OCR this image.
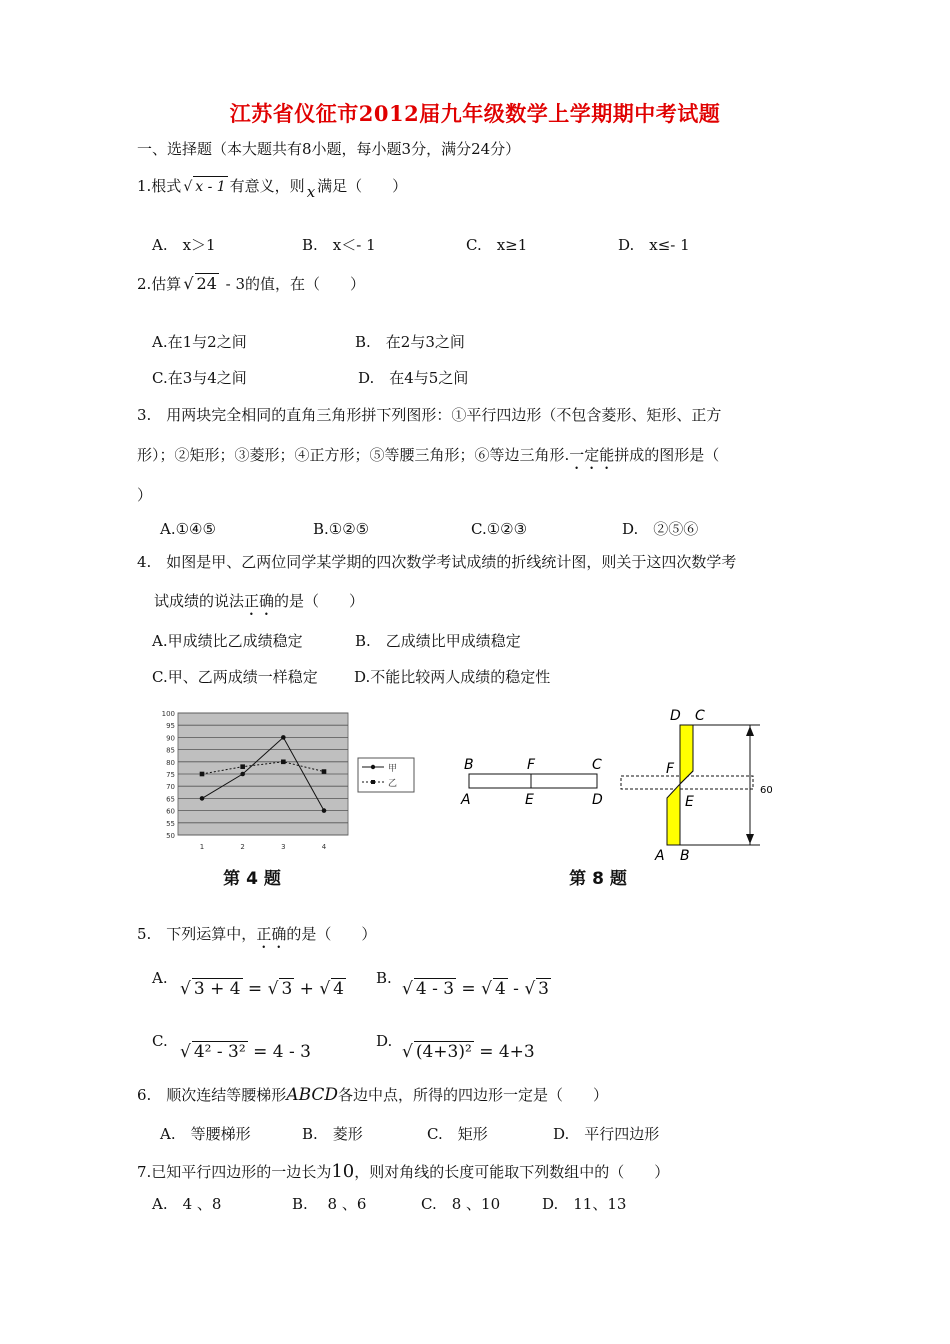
江苏省仪征市2012届九年级数学上学期期中考试题
一、选择题（本大题共有8小题，每小题3分，满分24分）
1.根式 √ x - 1 有意义，则 x 满足（　　）
A.　x＞1	B.　x＜- 1	C.　x≥1	D.　x≤- 1
2.估算 √ 24 - 3的值，在（　　）
A.在1与2之间	B.　在2与3之间
C.在3与4之间	D.　在4与5之间
3.　用两块完全相同的直角三角形拼下列图形：①平行四边形（不包含菱形、矩形、正方
形）；②矩形；③菱形；④正方形；⑤等腰三角形；⑥等边三角形.一定能拼成的图形是（
）
A.①④⑤	B.①②⑤	C.①②③	D.　②⑤⑥
4.　如图是甲、乙两位同学某学期的四次数学考试成绩的折线统计图，则关于这四次数学考
试成绩的说法正确的是（　　）
A.甲成绩比乙成绩稳定	B.　乙成绩比甲成绩稳定
C.甲、乙两成绩一样稳定 D.不能比较两人成绩的稳定性
100
95
90
85
80
75
70
65
60
55
50
1	2	3	4
甲
乙
第 4 题
B	F	C
A	E	D
D C
F
E
A B
60
第 8 题
5.　下列运算中，正确的是（　　）
A.
√ 3 + 4 = √ 3 + √ 4
B.
√ 4 - 3 = √ 4 - √ 3
C.
√ 4² - 3² = 4 - 3
D.
√ (4+3)² = 4+3
6.　顺次连结等腰梯形ABCD各边中点，所得的四边形一定是（　　）
A.　等腰梯形	B.　菱形	C.　矩形	D.　平行四边形
7.已知平行四边形的一边长为10，则对角线的长度可能取下列数组中的（　　）
A.　4 、8	B.　 8 、6	C.　8 、10	D.　11、13
